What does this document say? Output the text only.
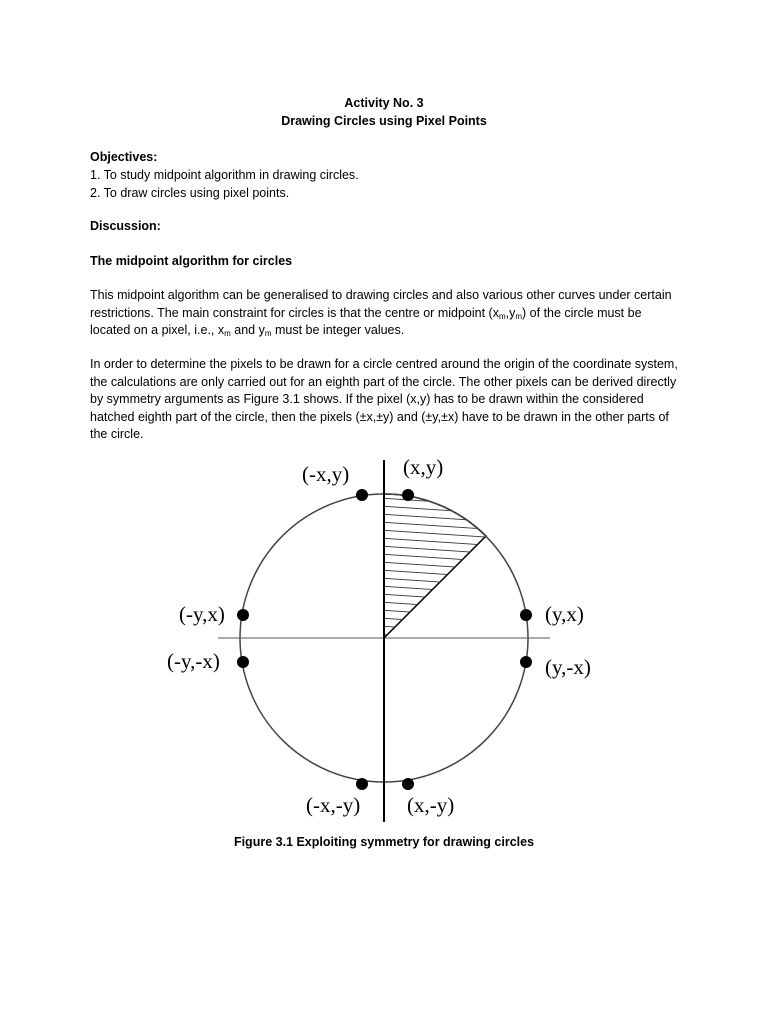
Activity No. 3
Drawing Circles using Pixel Points
Objectives:
1. To study midpoint algorithm in drawing circles.
2. To draw circles using pixel points.
Discussion:
The midpoint algorithm for circles
This midpoint algorithm can be generalised to drawing circles and also various other curves under certain restrictions. The main constraint for circles is that the centre or midpoint $(x_m,y_m)$ of the circle must be located on a pixel, i.e., $x_m$ and $y_m$ must be integer values.
In order to determine the pixels to be drawn for a circle centred around the origin of the coordinate system, the calculations are only carried out for an eighth part of the circle. The other pixels can be derived directly by symmetry arguments as Figure 3.1 shows. If the pixel (x,y) has to be drawn within the considered hatched eighth part of the circle, then the pixels (±x,±y) and (±y,±x) have to be drawn in the other parts of the circle.
(-x,y)	(x,y)
(-y,x)	(y,x)
(-y,-x)	(y,-x)
(-x,-y) (x,-y)
Figure 3.1 Exploiting symmetry for drawing circles
